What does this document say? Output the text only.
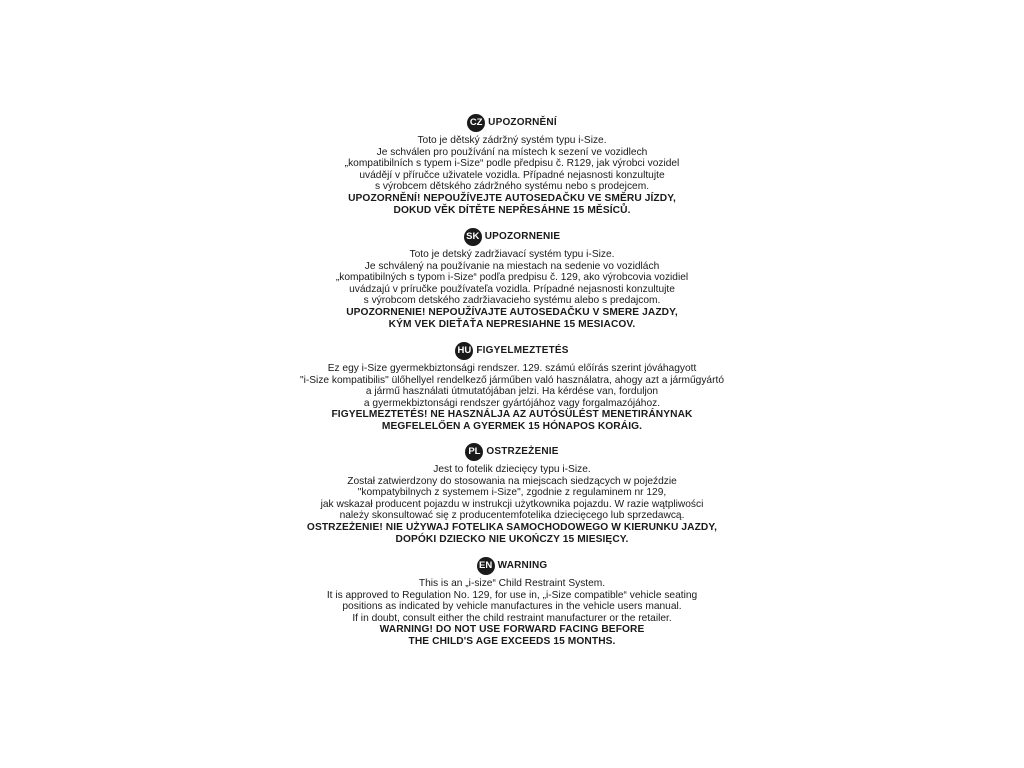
CZ UPOZORNĚNÍ
Toto je dětský zádržný systém typu i-Size.
Je schválen pro používání na místech k sezení ve vozidlech
„kompatibilních s typem i-Size“ podle předpisu č. R129, jak výrobci vozidel
uvádějí v příručce uživatele vozidla. Případné nejasnosti konzultujte
s výrobcem dětského zádržného systému nebo s prodejcem.
UPOZORNĚNÍ! NEPOUŽÍVEJTE AUTOSEDAČKU VE SMĚRU JÍZDY,
DOKUD VĚK DÍTĚTE NEPŘESÁHNE 15 MĚSÍCŮ.
SK UPOZORNENIE
Toto je detský zadržiavací systém typu i-Size.
Je schválený na používanie na miestach na sedenie vo vozidlách
„kompatibilných s typom i-Size“ podľa predpisu č. 129, ako výrobcovia vozidiel
uvádzajú v príručke používateľa vozidla. Prípadné nejasnosti konzultujte
s výrobcom detského zadržiavacieho systému alebo s predajcom.
UPOZORNENIE! NEPOUŽÍVAJTE AUTOSEDAČKU V SMERE JAZDY,
KÝM VEK DIEŤAŤA NEPRESIAHNE 15 MESIACOV.
HU FIGYELMEZTETÉS
Ez egy i-Size gyermekbiztonsági rendszer. 129. számú előírás szerint jóváhagyott
"i-Size kompatibilis" ülőhellyel rendelkező járműben való használatra, ahogy azt a járműgyártó
a jármű használati útmutatójában jelzi. Ha kérdése van, forduljon
a gyermekbiztonsági rendszer gyártójához vagy forgalmazójához.
FIGYELMEZTETÉS! NE HASZNÁLJA AZ AUTÓSÜLÉST MENETIRÁNYNAK
MEGFELELŐEN A GYERMEK 15 HÓNAPOS KORÁIG.
PL OSTRZEŻENIE
Jest to fotelik dziecięcy typu i-Size.
Został zatwierdzony do stosowania na miejscach siedzących w pojeździe
"kompatybilnych z systemem i-Size", zgodnie z regulaminem nr 129,
jak wskazał producent pojazdu w instrukcji użytkownika pojazdu. W razie wątpliwości
należy skonsultować się z producentemfotelika dziecięcego lub sprzedawcą.
OSTRZEŻENIE! NIE UŻYWAJ FOTELIKA SAMOCHODOWEGO W KIERUNKU JAZDY,
DOPÓKI DZIECKO NIE UKOŃCZY 15 MIESIĘCY.
EN WARNING
This is an „i-size“ Child Restraint System.
It is approved to Regulation No. 129, for use in, „i-Size compatible“ vehicle seating
positions as indicated by vehicle manufactures in the vehicle users manual.
If in doubt, consult either the child restraint manufacturer or the retailer.
WARNING! DO NOT USE FORWARD FACING BEFORE
THE CHILD'S AGE EXCEEDS 15 MONTHS.
